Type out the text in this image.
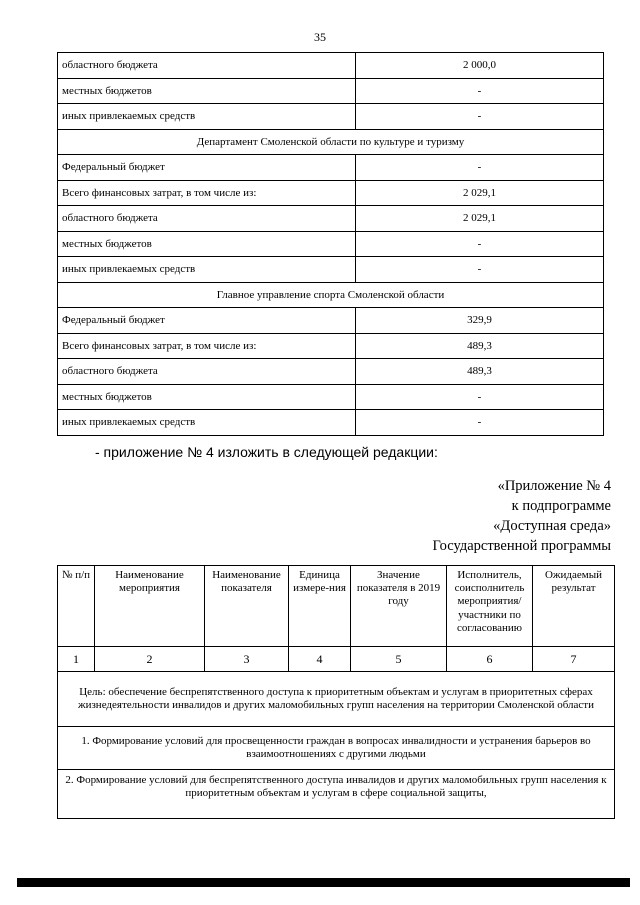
35
областного бюджета	2 000,0
местных бюджетов	-
иных привлекаемых средств	-
Департамент Смоленской области по культуре и туризму	
Федеральный бюджет	-
Всего финансовых затрат, в том числе из:	2 029,1
областного бюджета	2 029,1
местных бюджетов	-
иных привлекаемых средств	-
Главное управление спорта Смоленской области	
Федеральный бюджет	329,9
Всего финансовых затрат, в том числе из:	489,3
областного бюджета	489,3
местных бюджетов	-
иных привлекаемых средств	-
- приложение № 4 изложить в следующей редакции:
«Приложение № 4
к подпрограмме
«Доступная среда»
Государственной программы
№ п/п	Наименование мероприятия	Наименование показателя	Единица измере-ния	Значение показателя в 2019 году	Исполнитель, соисполнитель мероприятия/ участники по согласованию	Ожидаемый результат
1	2	3	4	5	6	7
Цель: обеспечение беспрепятственного доступа к приоритетным объектам и услугам в приоритетных сферах жизнедеятельности инвалидов и других маломобильных групп населения на территории Смоленской области						
1. Формирование условий для просвещенности граждан в вопросах инвалидности и устранения барьеров во взаимоотношениях с другими людьми						
2. Формирование условий для беспрепятственного доступа инвалидов и других маломобильных групп населения к приоритетным объектам и услугам в сфере социальной защиты,						
